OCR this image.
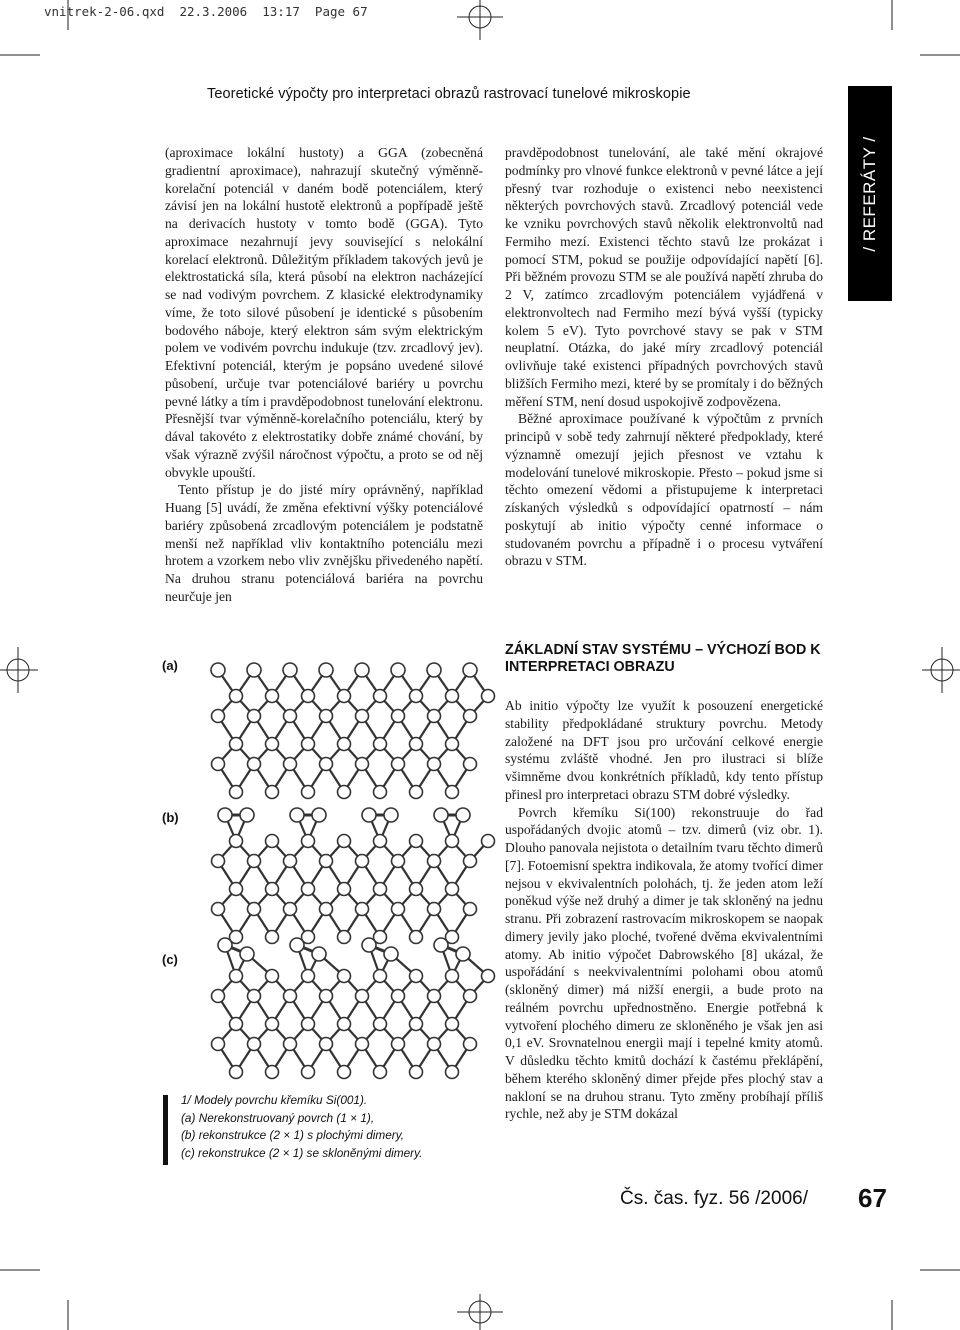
vnitrek-2-06.qxd  22.3.2006  13:17  Page 67
Teoretické výpočty pro interpretaci obrazů rastrovací tunelové mikroskopie
/ REFERÁTY /

(aproximace lokální hustoty) a GGA (zobecněná gradientní aproximace), nahrazují skutečný výměnně-korelační potenciál v daném bodě potenciálem, který závisí jen na lokální hustotě elektronů a popřípadě ještě na derivacích hustoty v tomto bodě (GGA). Tyto aproximace nezahrnují jevy související s nelokální korelací elektronů. Důležitým příkladem takových jevů je elektrostatická síla, která působí na elektron nacházející se nad vodivým povrchem. Z klasické elektrodynamiky víme, že toto silové působení je identické s působením bodového náboje, který elektron sám svým elektrickým polem ve vodivém povrchu indukuje (tzv. zrcadlový jev). Efektivní potenciál, kterým je popsáno uvedené silové působení, určuje tvar potenciálové bariéry u povrchu pevné látky a tím i pravděpodobnost tunelování elektronu. Přesnější tvar výměnně-korelačního potenciálu, který by dával takovéto z elektrostatiky dobře známé chování, by však výrazně zvýšil náročnost výpočtu, a proto se od něj obvykle upouští.

Tento přístup je do jisté míry oprávněný, například Huang [5] uvádí, že změna efektivní výšky potenciálové bariéry způsobená zrcadlovým potenciálem je podstatně menší než například vliv kontaktního potenciálu mezi hrotem a vzorkem nebo vliv zvnějšku přivedeného napětí. Na druhou stranu potenciálová bariéra na povrchu neurčuje jen

(a)
(b)
(c)
1/ Modely povrchu křemíku Si(001).
(a) Nerekonstruovaný povrch (1 × 1),
(b) rekonstrukce (2 × 1) s plochými dimery,
(c) rekonstrukce (2 × 1) se skloněnými dimery.

pravděpodobnost tunelování, ale také mění okrajové podmínky pro vlnové funkce elektronů v pevné látce a její přesný tvar rozhoduje o existenci nebo neexistenci některých povrchových stavů. Zrcadlový potenciál vede ke vzniku povrchových stavů několik elektronvoltů nad Fermiho mezí. Existenci těchto stavů lze prokázat i pomocí STM, pokud se použije odpovídající napětí [6]. Při běžném provozu STM se ale používá napětí zhruba do 2 V, zatímco zrcadlovým potenciálem vyjádřená v elektronvoltech nad Fermiho mezí bývá vyšší (typicky kolem 5 eV). Tyto povrchové stavy se pak v STM neuplatní. Otázka, do jaké míry zrcadlový potenciál ovlivňuje také existenci případných povrchových stavů bližších Fermiho mezi, které by se promítaly i do běžných měření STM, není dosud uspokojivě zodpovězena.

Běžné aproximace používané k výpočtům z prvních principů v sobě tedy zahrnují některé předpoklady, které významně omezují jejich přesnost ve vztahu k modelování tunelové mikroskopie. Přesto – pokud jsme si těchto omezení vědomi a přistupujeme k interpretaci získaných výsledků s odpovídající opatrností – nám poskytují ab initio výpočty cenné informace o studovaném povrchu a případně i o procesu vytváření obrazu v STM.

ZÁKLADNÍ STAV SYSTÉMU – VÝCHOZÍ BOD K INTERPRETACI OBRAZU

Ab initio výpočty lze využít k posouzení energetické stability předpokládané struktury povrchu. Metody založené na DFT jsou pro určování celkové energie systému zvláště vhodné. Jen pro ilustraci si blíže všimněme dvou konkrétních příkladů, kdy tento přístup přinesl pro interpretaci obrazu STM dobré výsledky.

Povrch křemíku Si(100) rekonstruuje do řad uspořádaných dvojic atomů – tzv. dimerů (viz obr. 1). Dlouho panovala nejistota o detailním tvaru těchto dimerů [7]. Fotoemisní spektra indikovala, že atomy tvořící dimer nejsou v ekvivalentních polohách, tj. že jeden atom leží poněkud výše než druhý a dimer je tak skloněný na jednu stranu. Při zobrazení rastrovacím mikroskopem se naopak dimery jevily jako ploché, tvořené dvěma ekvivalentními atomy. Ab initio výpočet Dabrowského [8] ukázal, že uspořádání s neekvivalentními polohami obou atomů (skloněný dimer) má nižší energii, a bude proto na reálném povrchu upřednostněno. Energie potřebná k vytvoření plochého dimeru ze skloněného je však jen asi 0,1 eV. Srovnatelnou energii mají i tepelné kmity atomů. V důsledku těchto kmitů dochází k častému překlápění, během kterého skloněný dimer přejde přes plochý stav a nakloní se na druhou stranu. Tyto změny probíhají příliš rychle, než aby je STM dokázal

Čs. čas. fyz. 56 /2006/ 67
